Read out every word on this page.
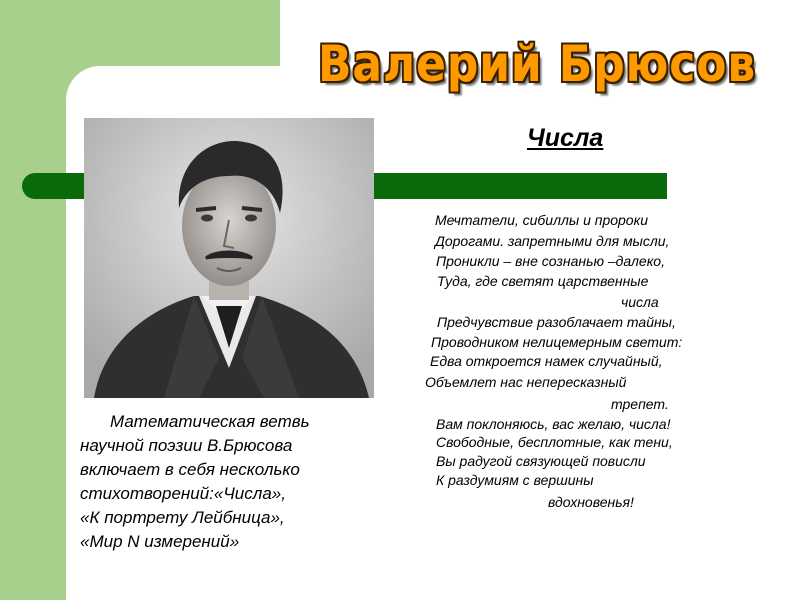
Валерий Брюсов
Числа
Мечтатели, сибиллы и пророки
Дорогами. запретными для мысли,
Проникли – вне сознанью –далеко,
Туда, где светят царственные
числа
Предчувствие разоблачает тайны,
Проводником нелицемерным светит:
Едва откроется намек случайный,
Объемлет нас непересказный
трепет.
Вам поклоняюсь, вас желаю, числа!
Свободные, бесплотные, как тени,
Вы радугой связующей повисли
К раздумиям с вершины
вдохновенья!
Математическая ветвь
научной поэзии В.Брюсова
включает в себя несколько
стихотворений:«Числа»,
«К портрету Лейбница»,
«Мир N измерений»
